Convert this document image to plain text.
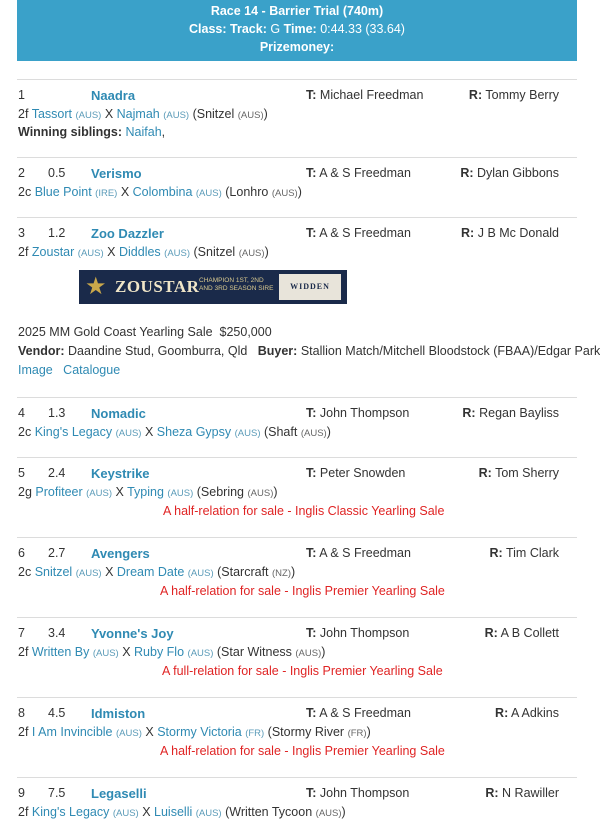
Race 14 - Barrier Trial (740m)
Class: Track: G Time: 0:44.33 (33.64)
Prizemoney:
1	Naadra	T: Michael Freedman	R: Tommy Berry
2f Tassort (AUS) X Najmah (AUS) (Snitzel (AUS))
Winning siblings: Naifah,
2 0.5 Verismo	T: A & S Freedman	R: Dylan Gibbons
2c Blue Point (IRE) X Colombina (AUS) (Lonhro (AUS))
3 1.2 Zoo Dazzler	T: A & S Freedman	R: J B Mc Donald
2f Zoustar (AUS) X Diddles (AUS) (Snitzel (AUS))
★ ZOUSTAR CHAMPION 1ST, 2ND
AND 3RD SEASON SIRE	WIDDEN
2025 MM Gold Coast Yearling Sale $250,000
Vendor: Daandine Stud, Goomburra, Qld Buyer: Stallion Match/Mitchell Bloodstock (FBAA)/Edgar Park
Image Catalogue
4 1.3 Nomadic	T: John Thompson	R: Regan Bayliss
2c King's Legacy (AUS) X Sheza Gypsy (AUS) (Shaft (AUS))
5 2.4 Keystrike	T: Peter Snowden	R: Tom Sherry
2g Profiteer (AUS) X Typing (AUS) (Sebring (AUS))
A half-relation for sale - Inglis Classic Yearling Sale
6 2.7 Avengers	T: A & S Freedman	R: Tim Clark
2c Snitzel (AUS) X Dream Date (AUS) (Starcraft (NZ))
A half-relation for sale - Inglis Premier Yearling Sale
7 3.4 Yvonne's Joy	T: John Thompson	R: A B Collett
2f Written By (AUS) X Ruby Flo (AUS) (Star Witness (AUS))
A full-relation for sale - Inglis Premier Yearling Sale
8 4.5 Idmiston	T: A & S Freedman	R: A Adkins
2f I Am Invincible (AUS) X Stormy Victoria (FR) (Stormy River (FR))
A half-relation for sale - Inglis Premier Yearling Sale
9 7.5 Legaselli	T: John Thompson	R: N Rawiller
2f King's Legacy (AUS) X Luiselli (AUS) (Written Tycoon (AUS))
